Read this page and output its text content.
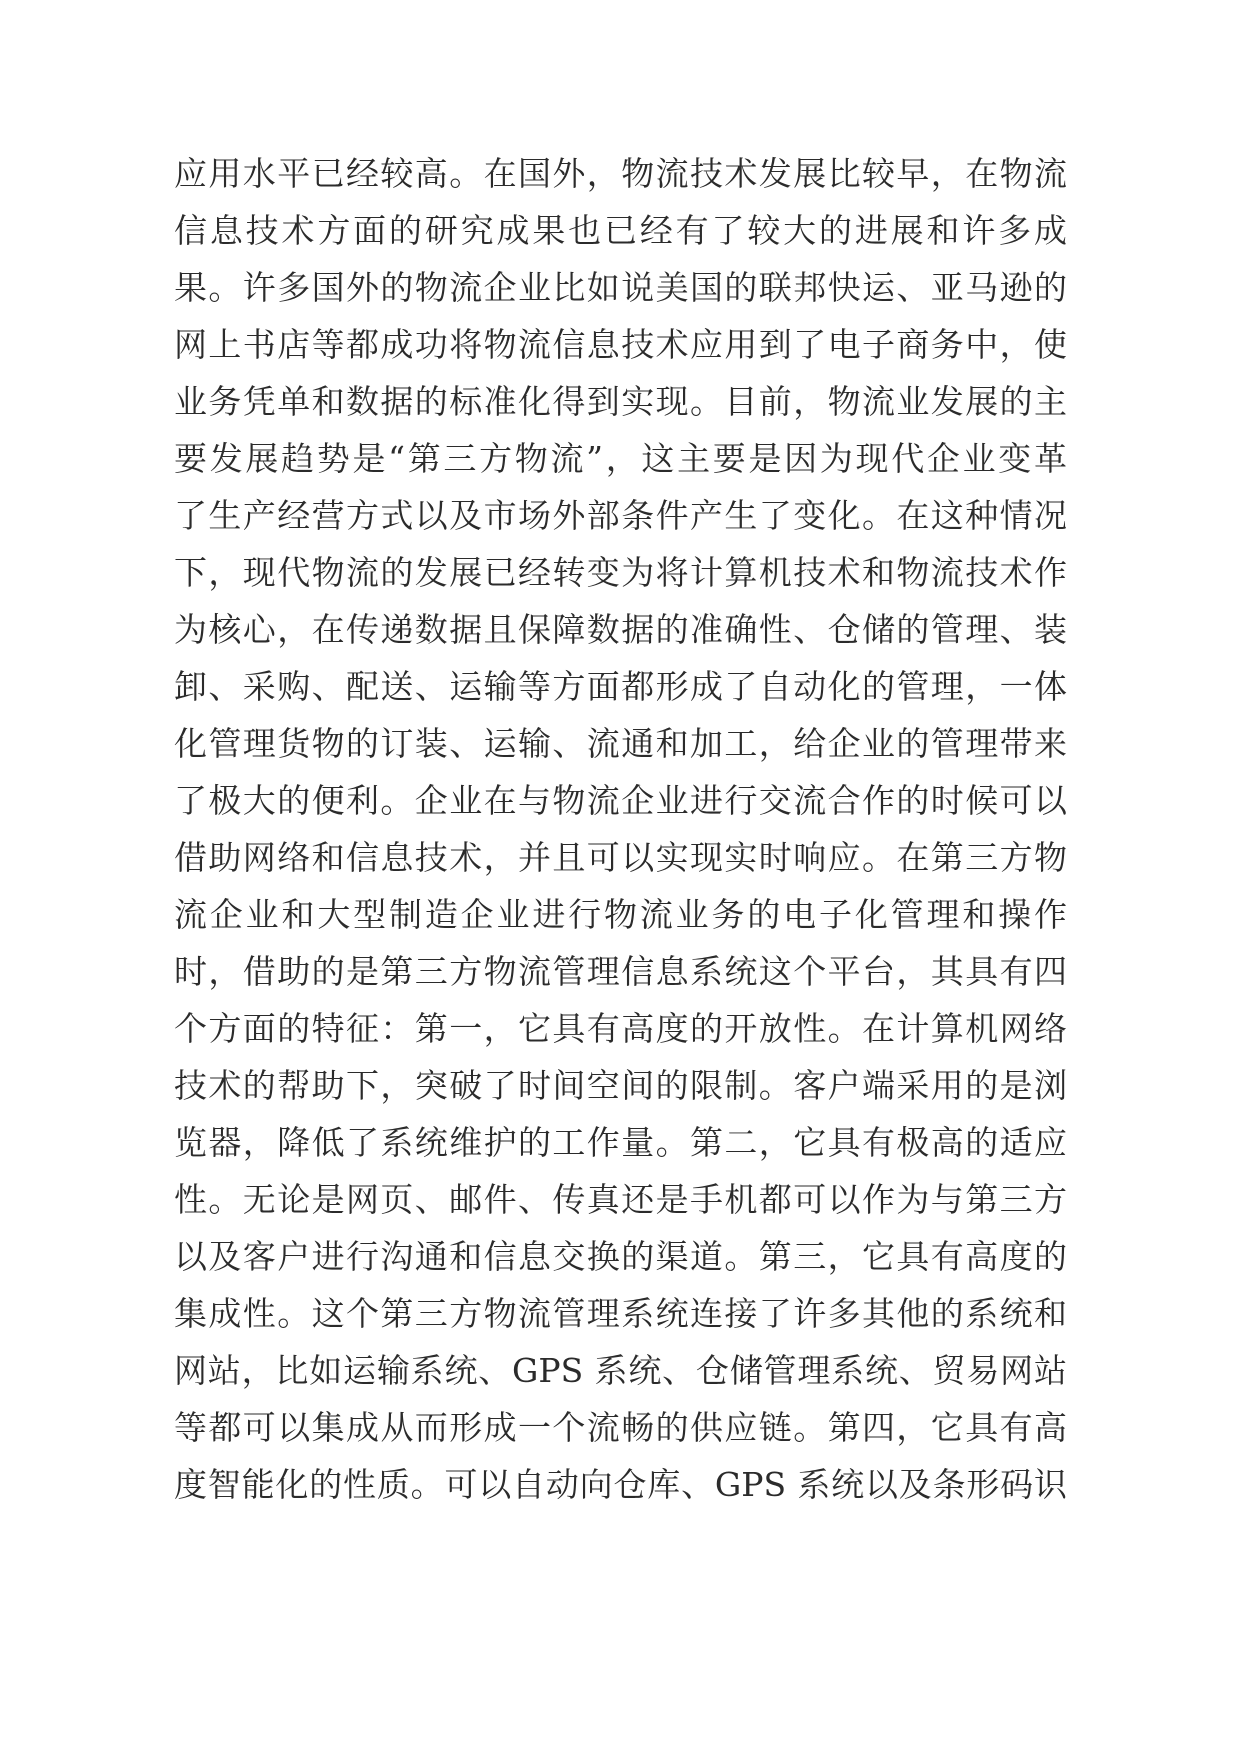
应用水平已经较高。在国外，物流技术发展比较早，在物流
信息技术方面的研究成果也已经有了较大的进展和许多成
果。许多国外的物流企业比如说美国的联邦快运、亚马逊的
网上书店等都成功将物流信息技术应用到了电子商务中，使
业务凭单和数据的标准化得到实现。目前，物流业发展的主
要发展趋势是“第三方物流”，这主要是因为现代企业变革
了生产经营方式以及市场外部条件产生了变化。在这种情况
下，现代物流的发展已经转变为将计算机技术和物流技术作
为核心，在传递数据且保障数据的准确性、仓储的管理、装
卸、采购、配送、运输等方面都形成了自动化的管理，一体
化管理货物的订装、运输、流通和加工，给企业的管理带来
了极大的便利。企业在与物流企业进行交流合作的时候可以
借助网络和信息技术，并且可以实现实时响应。在第三方物
流企业和大型制造企业进行物流业务的电子化管理和操作
时，借助的是第三方物流管理信息系统这个平台，其具有四
个方面的特征：第一，它具有高度的开放性。在计算机网络
技术的帮助下，突破了时间空间的限制。客户端采用的是浏
览器，降低了系统维护的工作量。第二，它具有极高的适应
性。无论是网页、邮件、传真还是手机都可以作为与第三方
以及客户进行沟通和信息交换的渠道。第三，它具有高度的
集成性。这个第三方物流管理系统连接了许多其他的系统和
网站，比如运输系统、GPS 系统、仓储管理系统、贸易网站
等都可以集成从而形成一个流畅的供应链。第四，它具有高
度智能化的性质。可以自动向仓库、GPS 系统以及条形码识
